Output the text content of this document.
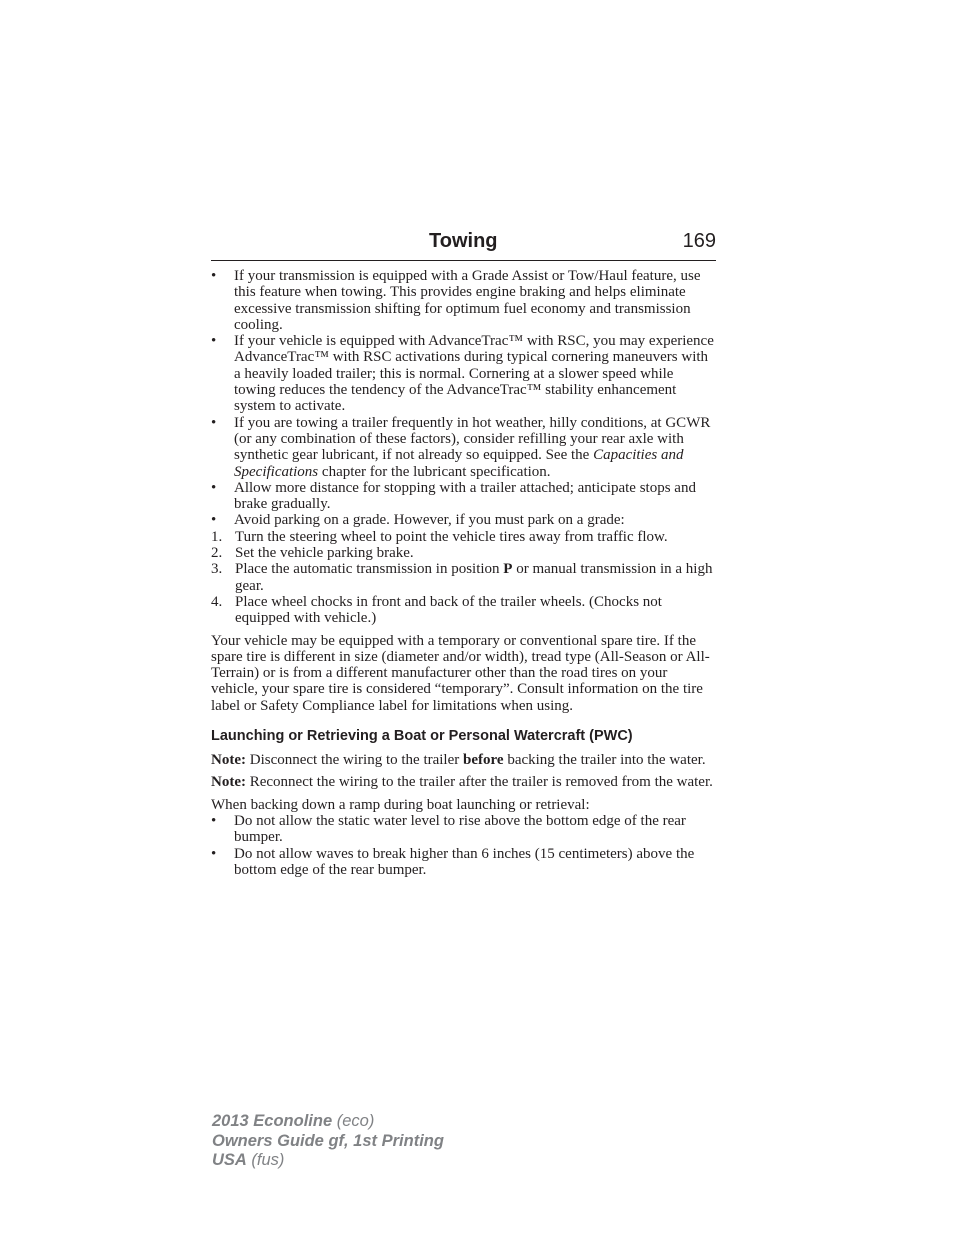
Towing	169
• If your transmission is equipped with a Grade Assist or Tow/Haul feature, use this feature when towing. This provides engine braking and helps eliminate excessive transmission shifting for optimum fuel economy and transmission cooling.
• If your vehicle is equipped with AdvanceTrac™ with RSC, you may experience AdvanceTrac™ with RSC activations during typical cornering maneuvers with a heavily loaded trailer; this is normal. Cornering at a slower speed while towing reduces the tendency of the AdvanceTrac™ stability enhancement system to activate.
• If you are towing a trailer frequently in hot weather, hilly conditions, at GCWR (or any combination of these factors), consider refilling your rear axle with synthetic gear lubricant, if not already so equipped. See the Capacities and Specifications chapter for the lubricant specification.
• Allow more distance for stopping with a trailer attached; anticipate stops and brake gradually.
• Avoid parking on a grade. However, if you must park on a grade:
1. Turn the steering wheel to point the vehicle tires away from traffic flow.
2. Set the vehicle parking brake.
3. Place the automatic transmission in position P or manual transmission in a high gear.
4. Place wheel chocks in front and back of the trailer wheels. (Chocks not equipped with vehicle.)

Your vehicle may be equipped with a temporary or conventional spare tire. If the spare tire is different in size (diameter and/or width), tread type (All-Season or All-Terrain) or is from a different manufacturer other than the road tires on your vehicle, your spare tire is considered “temporary”. Consult information on the tire label or Safety Compliance label for limitations when using.

Launching or Retrieving a Boat or Personal Watercraft (PWC)

Note: Disconnect the wiring to the trailer before backing the trailer into the water.

Note: Reconnect the wiring to the trailer after the trailer is removed from the water.

When backing down a ramp during boat launching or retrieval:

• Do not allow the static water level to rise above the bottom edge of the rear bumper.
• Do not allow waves to break higher than 6 inches (15 centimeters) above the bottom edge of the rear bumper.
2013 Econoline (eco)
Owners Guide gf, 1st Printing
USA (fus)
